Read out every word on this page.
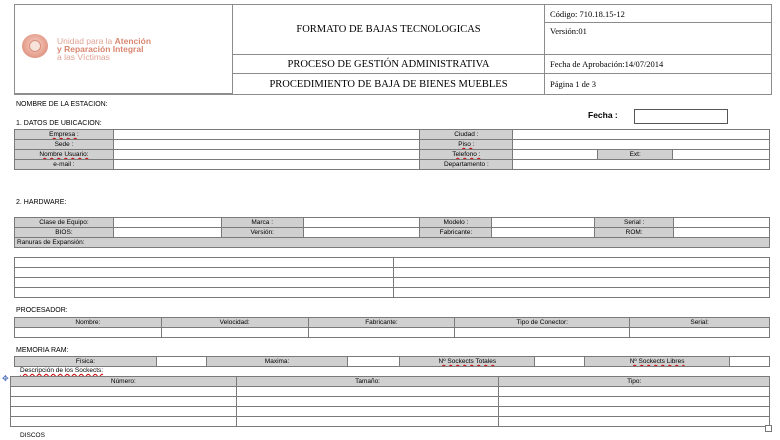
FORMATO DE BAJAS TECNOLOGICAS
PROCESO DE GESTIÓN ADMINISTRATIVA
PROCEDIMIENTO DE BAJA DE BIENES MUEBLES
Código: 710.18.15-12
Versión:01
Fecha de Aprobación:14/07/2014
Página 1 de 3
Unidad para la Atención
y Reparación Integral
a las Víctimas
NOMBRE DE LA ESTACION:
Fecha :
1. DATOS DE UBICACION:
Empresa :		Ciudad :			
Sede :		Piso :			
Nombre Usuario:		Telefono :		Ext:	
e-mail :		Departamento :			
2. HARDWARE:
Clase de Equipo:		Marca :		Modelo :		Serial :	
BIOS:		Versión:		Fabricante:		ROM:	
Ranuras de Expansión:							

PROCESADOR:
Nombre:	Velocidad:	Fabricante:	Tipo de Conector:	Serial:

MEMORIA RAM:
Física:		Maxima:		Nº Sockects Totales		Nº Sockects Libres	
Descripción de los Sockects:
✥	Número:	Tamaño:	Tipo:

DISCOS
